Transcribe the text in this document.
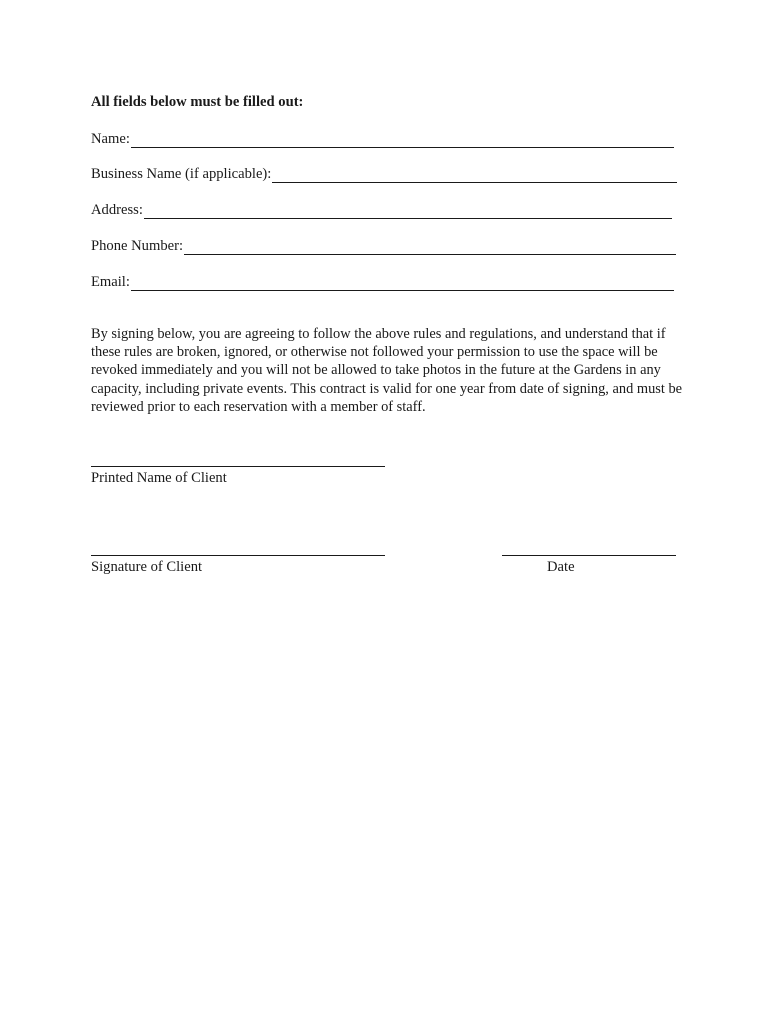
All fields below must be filled out:
Name:
Business Name (if applicable):
Address:
Phone Number:
Email:

By signing below, you are agreeing to follow the above rules and regulations, and understand that if these rules are broken, ignored, or otherwise not followed your permission to use the space will be revoked immediately and you will not be allowed to take photos in the future at the Gardens in any capacity, including private events. This contract is valid for one year from date of signing, and must be reviewed prior to each reservation with a member of staff.

Printed Name of Client
Signature of Client	Date
